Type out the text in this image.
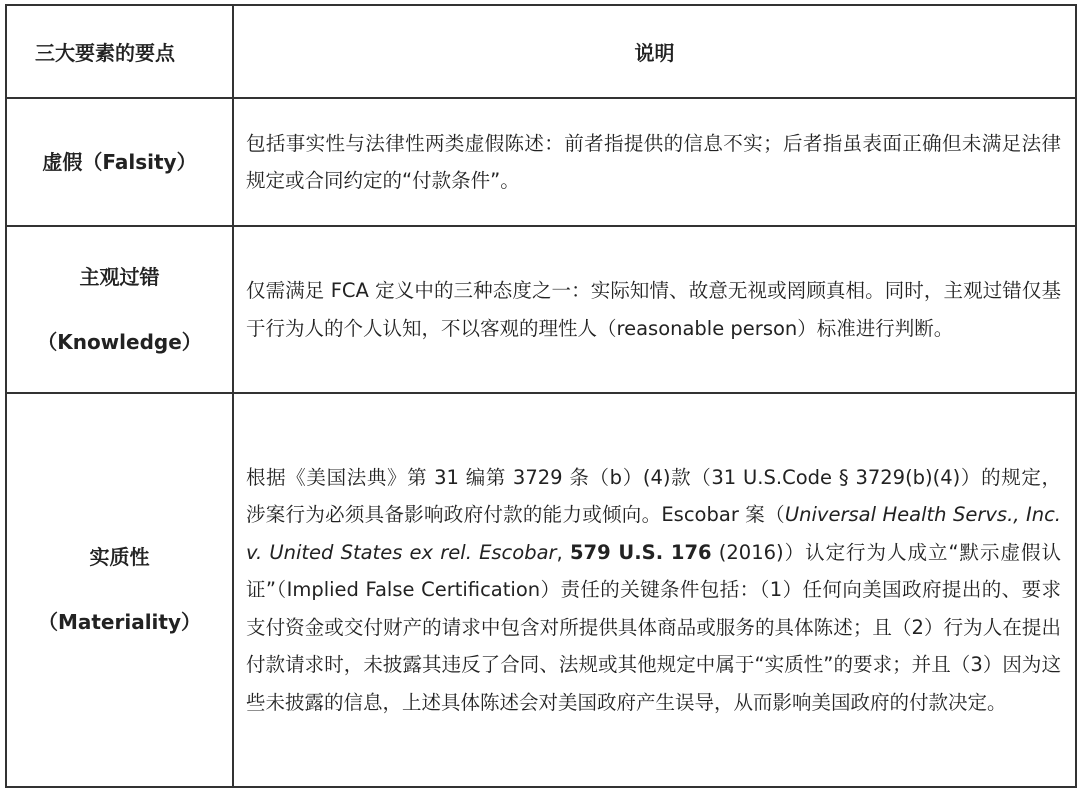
三大要素的要点	说明

虚假（Falsity）	包括事实性与法律性两类虚假陈述：前者指提供的信息不实；后者指虽表面正确但未满足法律规定或合同约定的“付款条件”。

主观过错
（Knowledge）	仅需满足 FCA 定义中的三种态度之一：实际知情、故意无视或罔顾真相。同时，主观过错仅基于行为人的个人认知，不以客观的理性人（reasonable person）标准进行判断。

实质性
（Materiality）	根据《美国法典》第 31 编第 3729 条（b）(4)款（31 U.S.Code § 3729(b)(4)）的规定，涉案行为必须具备影响政府付款的能力或倾向。Escobar 案（Universal Health Servs., Inc. v. United States ex rel. Escobar, 579 U.S. 176 (2016)）认定行为人成立“默示虚假认证”（Implied False Certification）责任的关键条件包括：（1）任何向美国政府提出的、要求支付资金或交付财产的请求中包含对所提供具体商品或服务的具体陈述；且（2）行为人在提出付款请求时，未披露其违反了合同、法规或其他规定中属于“实质性”的要求；并且（3）因为这些未披露的信息，上述具体陈述会对美国政府产生误导，从而影响美国政府的付款决定。
